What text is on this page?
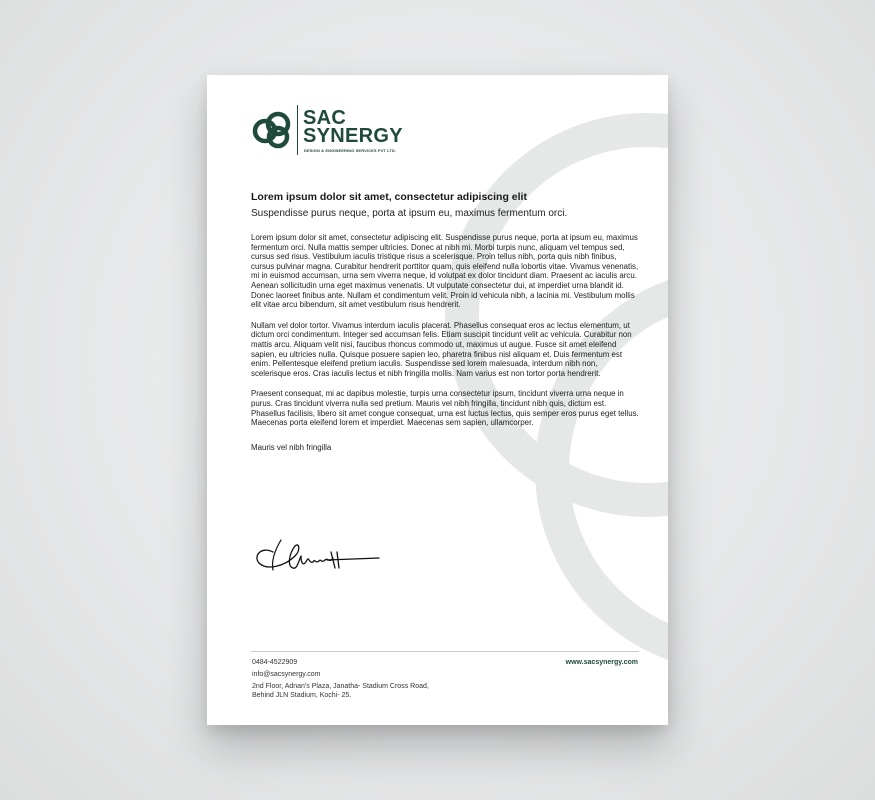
SAC
SYNERGY
DESIGN & ENGINEERING SERVICES PVT LTD.

Lorem ipsum dolor sit amet, consectetur adipiscing elit

Suspendisse purus neque, porta at ipsum eu, maximus fermentum orci.

Lorem ipsum dolor sit amet, consectetur adipiscing elit. Suspendisse purus neque, porta at ipsum eu, maximus fermentum orci. Nulla mattis semper ultricies. Donec at nibh mi. Morbi turpis nunc, aliquam vel tempus sed, cursus sed risus. Vestibulum iaculis tristique risus a scelerisque. Proin tellus nibh, porta quis nibh finibus, cursus pulvinar magna. Curabitur hendrerit porttitor quam, quis eleifend nulla lobortis vitae. Vivamus venenatis, mi in euismod accumsan, urna sem viverra neque, id volutpat ex dolor tincidunt diam. Praesent ac iaculis arcu. Aenean sollicitudin urna eget maximus venenatis. Ut vulputate consectetur dui, at imperdiet urna blandit id. Donec laoreet finibus ante. Nullam et condimentum velit. Proin id vehicula nibh, a lacinia mi. Vestibulum mollis elit vitae arcu bibendum, sit amet vestibulum risus hendrerit.

Nullam vel dolor tortor. Vivamus interdum iaculis placerat. Phasellus consequat eros ac lectus elementum, ut dictum orci condimentum. Integer sed accumsan felis. Etiam suscipit tincidunt velit ac vehicula. Curabitur non mattis arcu. Aliquam velit nisi, faucibus rhoncus commodo ut, maximus ut augue. Fusce sit amet eleifend sapien, eu ultricies nulla. Quisque posuere sapien leo, pharetra finibus nisl aliquam et. Duis fermentum est enim. Pellentesque eleifend pretium iaculis. Suspendisse sed lorem malesuada, interdum nibh non, scelerisque eros. Cras iaculis lectus et nibh fringilla mollis. Nam varius est non tortor porta hendrerit.

Praesent consequat, mi ac dapibus molestie, turpis urna consectetur ipsum, tincidunt viverra urna neque in purus. Cras tincidunt viverra nulla sed pretium. Mauris vel nibh fringilla, tincidunt nibh quis, dictum est. Phasellus facilisis, libero sit amet congue consequat, urna est luctus lectus, quis semper eros purus eget tellus. Maecenas porta eleifend lorem et imperdiet. Maecenas sem sapien, ullamcorper.

Mauris vel nibh fringilla

0484-4522909
info@sacsynergy.com
2nd Floor, Adnan's Plaza, Janatha- Stadium Cross Road,
Behind JLN Stadium, Kochi- 25.
www.sacsynergy.com
